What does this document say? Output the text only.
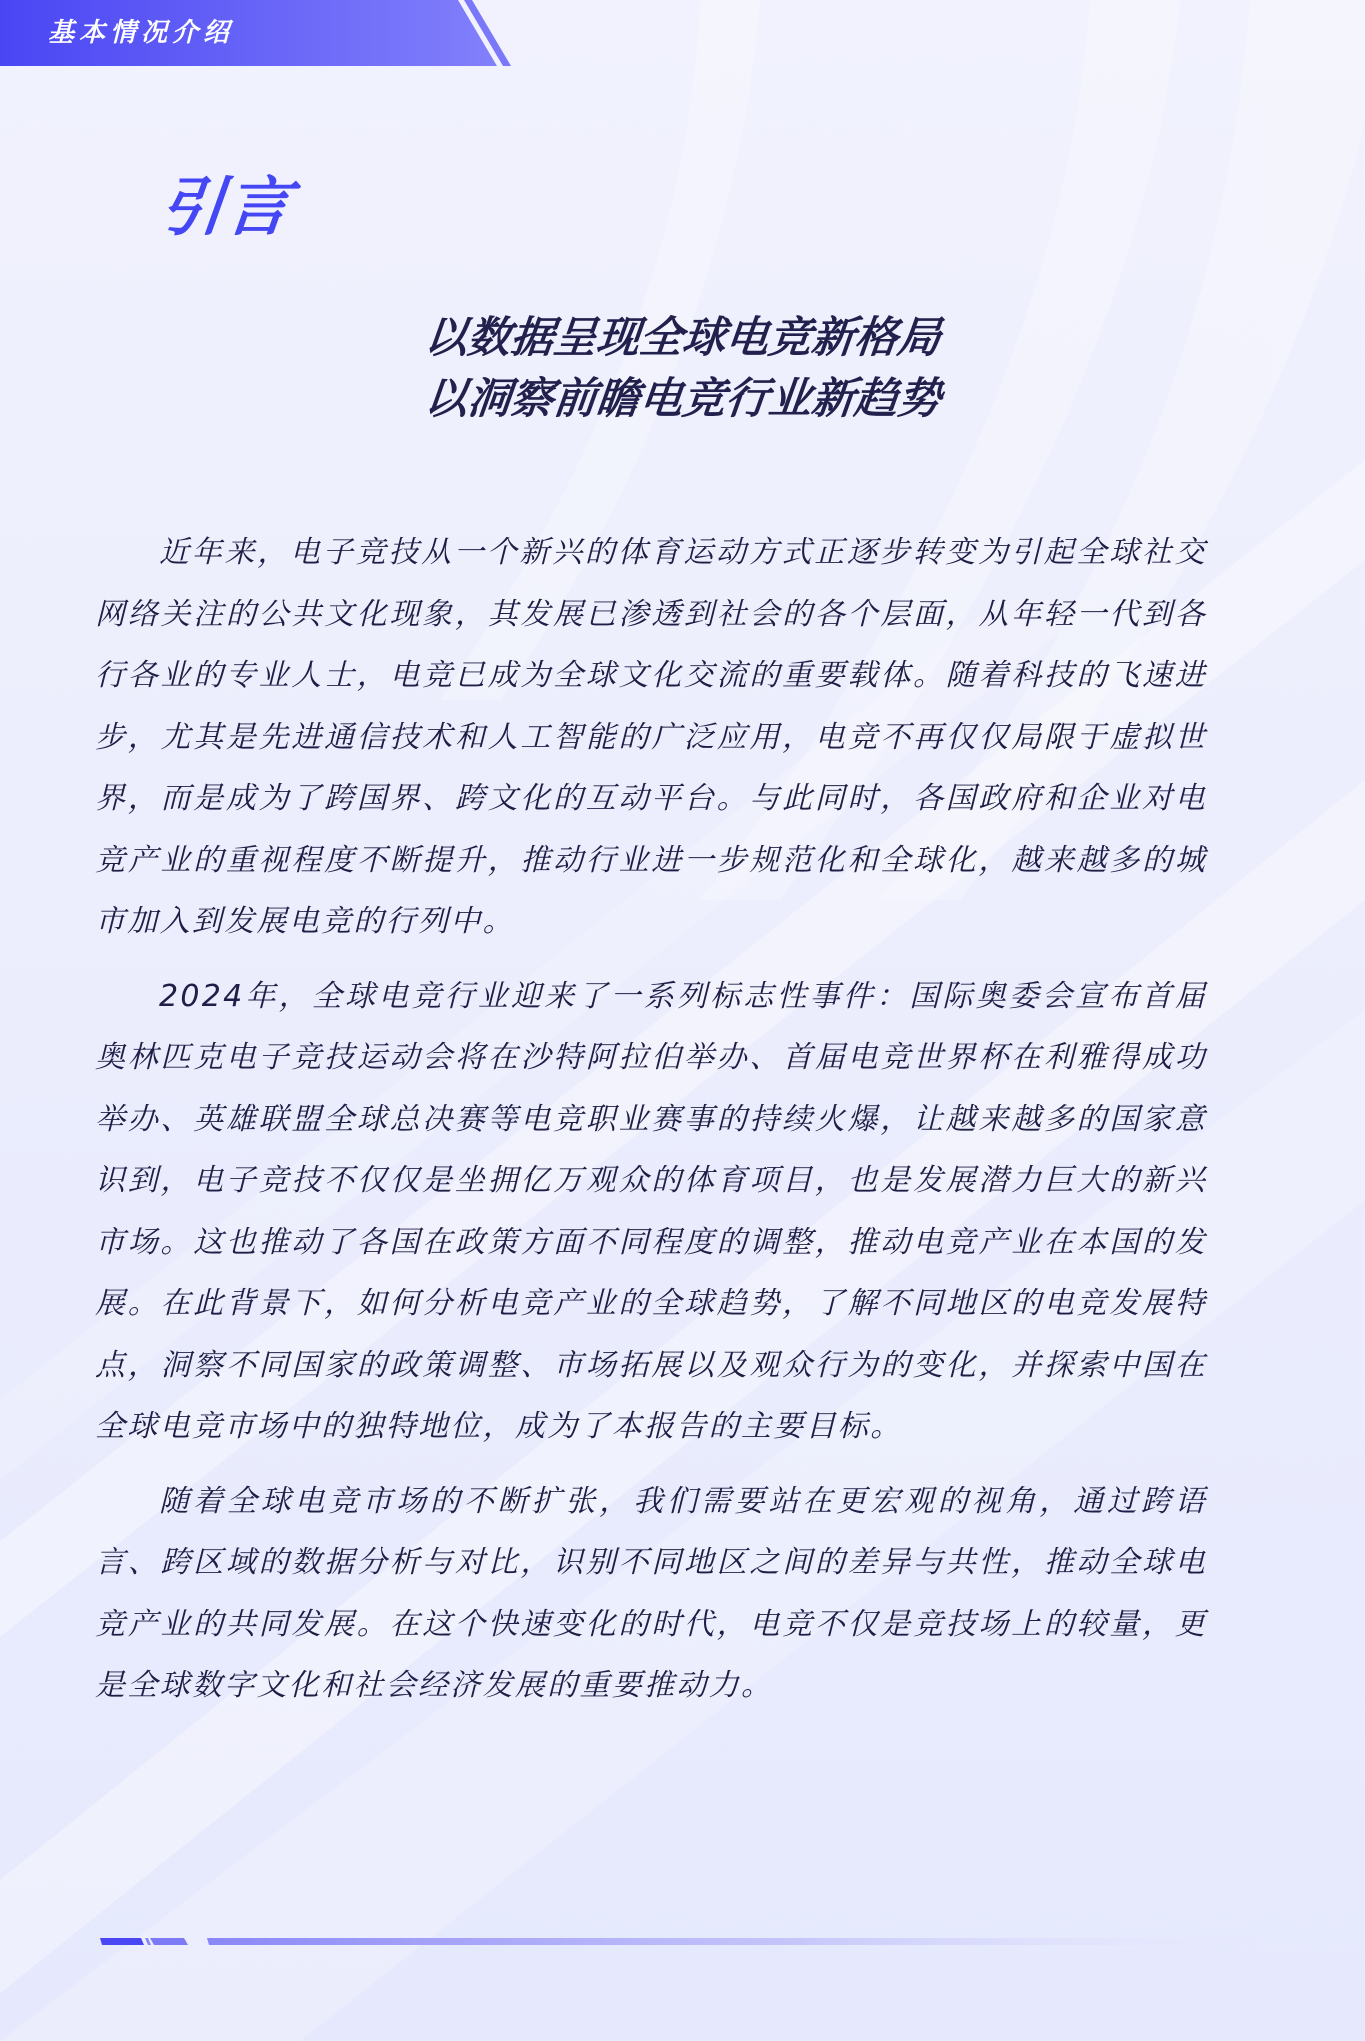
基本情况介绍
引言
以数据呈现全球电竞新格局
以洞察前瞻电竞行业新趋势

近年来，电子竞技从一个新兴的体育运动方式正逐步转变为引起全球社交网络关注的公共文化现象，其发展已渗透到社会的各个层面，从年轻一代到各行各业的专业人士，电竞已成为全球文化交流的重要载体。随着科技的飞速进步，尤其是先进通信技术和人工智能的广泛应用，电竞不再仅仅局限于虚拟世界，而是成为了跨国界、跨文化的互动平台。与此同时，各国政府和企业对电竞产业的重视程度不断提升，推动行业进一步规范化和全球化，越来越多的城市加入到发展电竞的行列中。

2024年，全球电竞行业迎来了一系列标志性事件：国际奥委会宣布首届奥林匹克电子竞技运动会将在沙特阿拉伯举办、首届电竞世界杯在利雅得成功举办、英雄联盟全球总决赛等电竞职业赛事的持续火爆，让越来越多的国家意识到，电子竞技不仅仅是坐拥亿万观众的体育项目，也是发展潜力巨大的新兴市场。这也推动了各国在政策方面不同程度的调整，推动电竞产业在本国的发展。在此背景下，如何分析电竞产业的全球趋势，了解不同地区的电竞发展特点，洞察不同国家的政策调整、市场拓展以及观众行为的变化，并探索中国在全球电竞市场中的独特地位，成为了本报告的主要目标。

随着全球电竞市场的不断扩张，我们需要站在更宏观的视角，通过跨语言、跨区域的数据分析与对比，识别不同地区之间的差异与共性，推动全球电竞产业的共同发展。在这个快速变化的时代，电竞不仅是竞技场上的较量，更是全球数字文化和社会经济发展的重要推动力。
